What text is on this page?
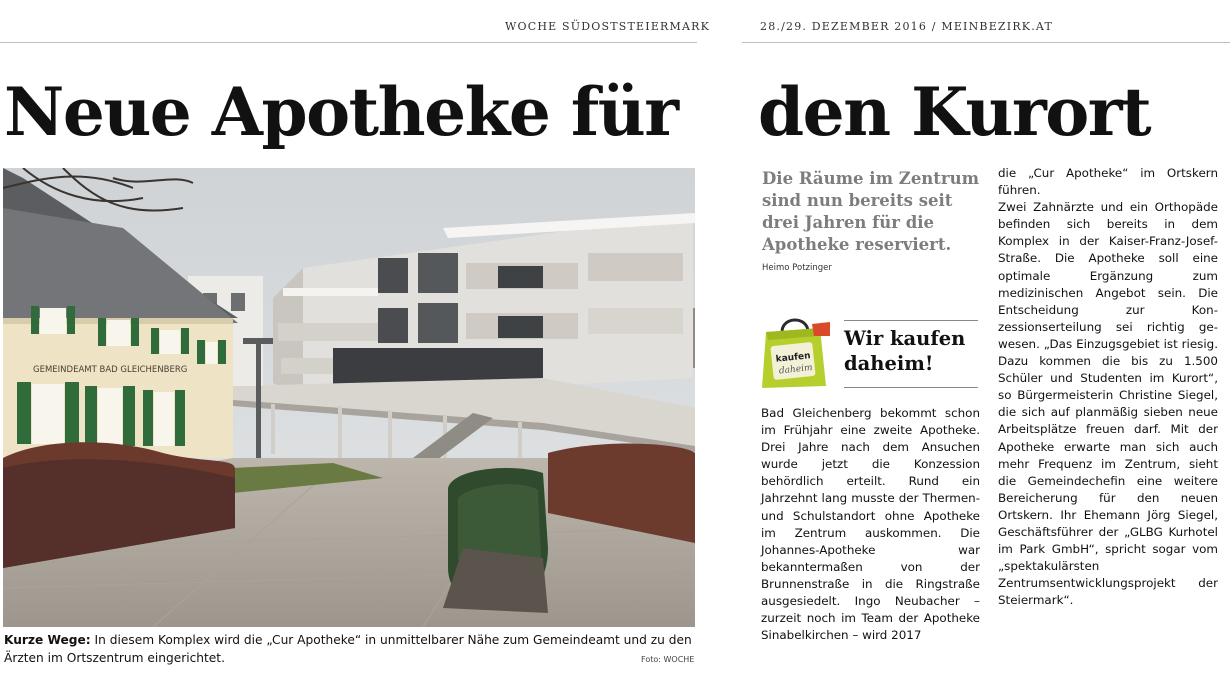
WOCHE SÜDOSTSTEIERMARK	28./29. DEZEMBER 2016 / MEINBEZIRK.AT
Neue Apotheke für den Kurort
GEMEINDEAMT BAD GLEICHENBERG
Kurze Wege: In diesem Komplex wird die „Cur Apotheke“ in unmittelbarer Nähe zum Gemeindeamt und zu den Ärzten im Ortszentrum eingerichtet.	Foto: WOCHE
Die Räume im Zentrum sind nun bereits seit drei Jahren für die Apotheke reserviert.
Heimo Potzinger
kaufen
daheim
Wir kaufen
daheim!

Bad Gleichenberg bekommt schon im Frühjahr eine zweite Apotheke. Drei Jahre nach dem Ansuchen wurde jetzt die Konzession behördlich erteilt. Rund ein Jahrzehnt lang musste der Thermen- und Schulstandort ohne Apotheke im Zentrum auskommen. Die Johannes-Apotheke war bekanntermaßen von der Brunnenstraße in die Ringstraße ausgesiedelt. Ingo Neubacher – zurzeit noch im Team der Apotheke Sinabelkirchen – wird 2017

die „Cur Apotheke“ im Ortskern führen.

Zwei Zahnärzte und ein Orthopäde befinden sich bereits in dem Komplex in der Kaiser-Franz-Josef-Straße. Die Apotheke soll eine optimale Ergänzung zum medizinischen Angebot sein. Die Entscheidung zur Konzessionserteilung sei richtig gewesen. „Das Einzugsgebiet ist riesig. Dazu kommen die bis zu 1.500 Schüler und Studenten im Kurort“, so Bürgermeisterin Christine Siegel, die sich auf planmäßig sieben neue Arbeitsplätze freuen darf. Mit der Apotheke erwarte man sich auch mehr Frequenz im Zentrum, sieht die Gemeindechefin eine weitere Bereicherung für den neuen Ortskern. Ihr Ehemann Jörg Siegel, Geschäftsführer der „GLBG Kurhotel im Park GmbH“, spricht sogar vom „spektakulärsten Zentrumsentwicklungsprojekt der Steiermark“.
